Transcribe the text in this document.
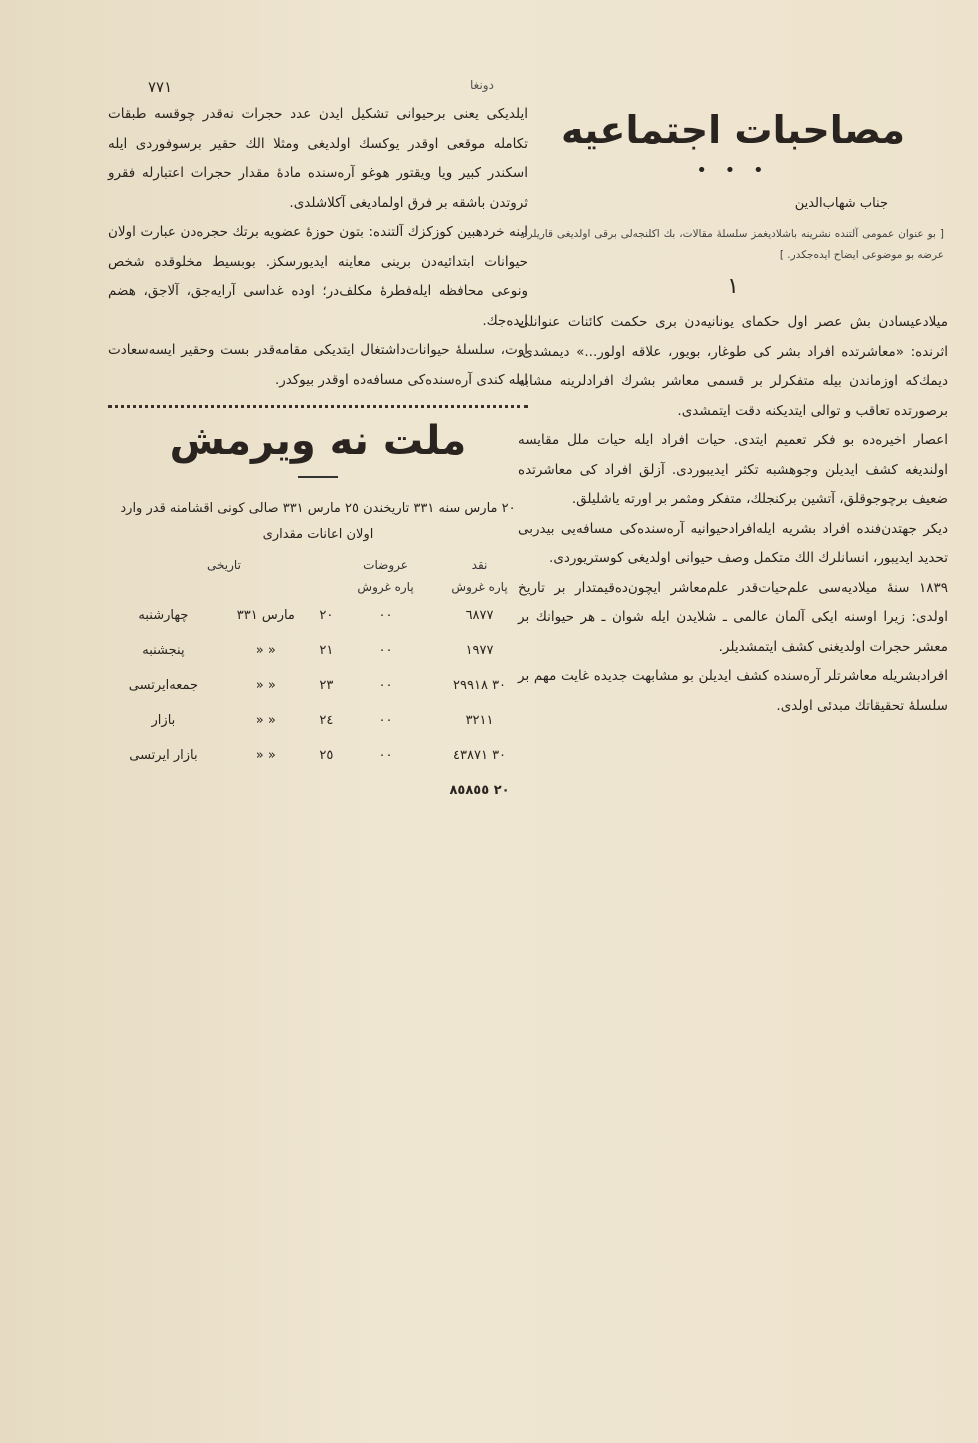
٧٧١	دونغا
مصاحبات اجتماعیه
• • •
جناب شهاب‌الدین

[ بو عنوان عمومی آلتنده نشرینه باشلادیغمز سلسلهٔ مقالات، بك اكلنجه‌لی برقی اولدیغی قاریلره عرضه بو موضوعی ایضاح ایده‌جکدر. ]

١

میلادعیسادن بش عصر اول حکمای یونانیه‌دن بری حکمت کائنات عنوانلی اثرنده: «معاشرتده افراد بشر کی طوغار، بویور، علاقه اولور...» دیمشدی. دیمك‌كه اوزماندن بیله متفکرلر بر قسمی معاشر بشرك افرادلرینه مشابه برصورتده تعاقب و توالی ایتدیکنه دقت ایتمشدی.

اعصار اخیره‌ده بو فکر تعمیم ایتدی. حیات افراد ایله حیات ملل مقایسه اولندیغه کشف ایدیلن وجوهشبه تکثر ایدیبوردی. آزلق افراد کی معاشرتده ضعیف برچوجوقلق، آتشین برکنجلك، متفکر ومثمر بر اورته یاشلیلق.

دیکر جهتدن‌فنده افراد بشریه ایله‌افرادحیوانیه آره‌سنده‌کی مسافه‌یی بیدربی تحدید ایدیبور، انسانلرك الك متکمل وصف حیوانی اولدیغی کوستریوردی.

١٨٣٩ سنهٔ میلادیه‌سی علم‌حیات‌قدر علم‌معاشر ایچون‌ده‌قیمتدار بر تاریخ اولدی: زیرا اوسنه ایکی آلمان عالمی ـ شلایدن ایله شوان ـ هر حیوانك بر معشر حجرات اولدیغنی کشف ایتمشدیلر.

افرادبشریله معاشرتلر آره‌سنده کشف ایدیلن بو مشابهت جدیده غایت مهم بر سلسلهٔ تحقیقاتك مبدئی اولدی.

ایلدیکی یعنی برحیوانی تشکیل ایدن عدد حجرات نه‌قدر چوقسه طبقات تکامله موقعی اوقدر یوکسك اولدیغی ومثلا الك حقیر برسوفوردی ایله اسکندر کبیر ویا ویقتور هوغو آره‌سنده مادهٔ مقدار حجرات اعتبارله فقرو ثروتدن باشقه بر فرق اولمادیغی آکلاشلدی.

اینه خردهبین کوزکزك آلتنده: بتون حوزهٔ عضویه برتك حجره‌دن عبارت اولان حیوانات ابتدائیه‌دن برینی معاینه ایدیورسکز. بوبسیط مخلوقده شخص ونوعی محافظه ایله‌فطرهٔ مکلف‌در؛ اوده غداسی آرایه‌جق، آلاجق، هضم ایده‌جك.

اوت، سلسلهٔ حیوانات‌داشتغال ایتدیکی مقامه‌قدر بست وحقیر ایسه‌سعادت ایله کندی آره‌سنده‌کی مسافه‌ده اوقدر بیوکدر.

ملت نه ویرمش
٢٠ مارس سنه ٣٣١ تاریخندن ٢٥ مارس ٣٣١ صالی کونی اقشامنه قدر وارد اولان اعانات مقداری
نقد	عروضات	تاریخی		
پاره غروش	پاره غروش			
٦٨٧٧	٠٠	٢٠	مارس ٣٣١	چهارشنبه
١٩٧٧	٠٠	٢١	« «	پنجشنبه
٣٠ ٢٩٩١٨	٠٠	٢٣	« «	جمعه‌ایرتسی
٣٢١١	٠٠	٢٤	« «	بازار
٣٠ ٤٣٨٧١	٠٠	٢٥	« «	بازار ایرتسی
٢٠ ٨٥٨٥٥				
